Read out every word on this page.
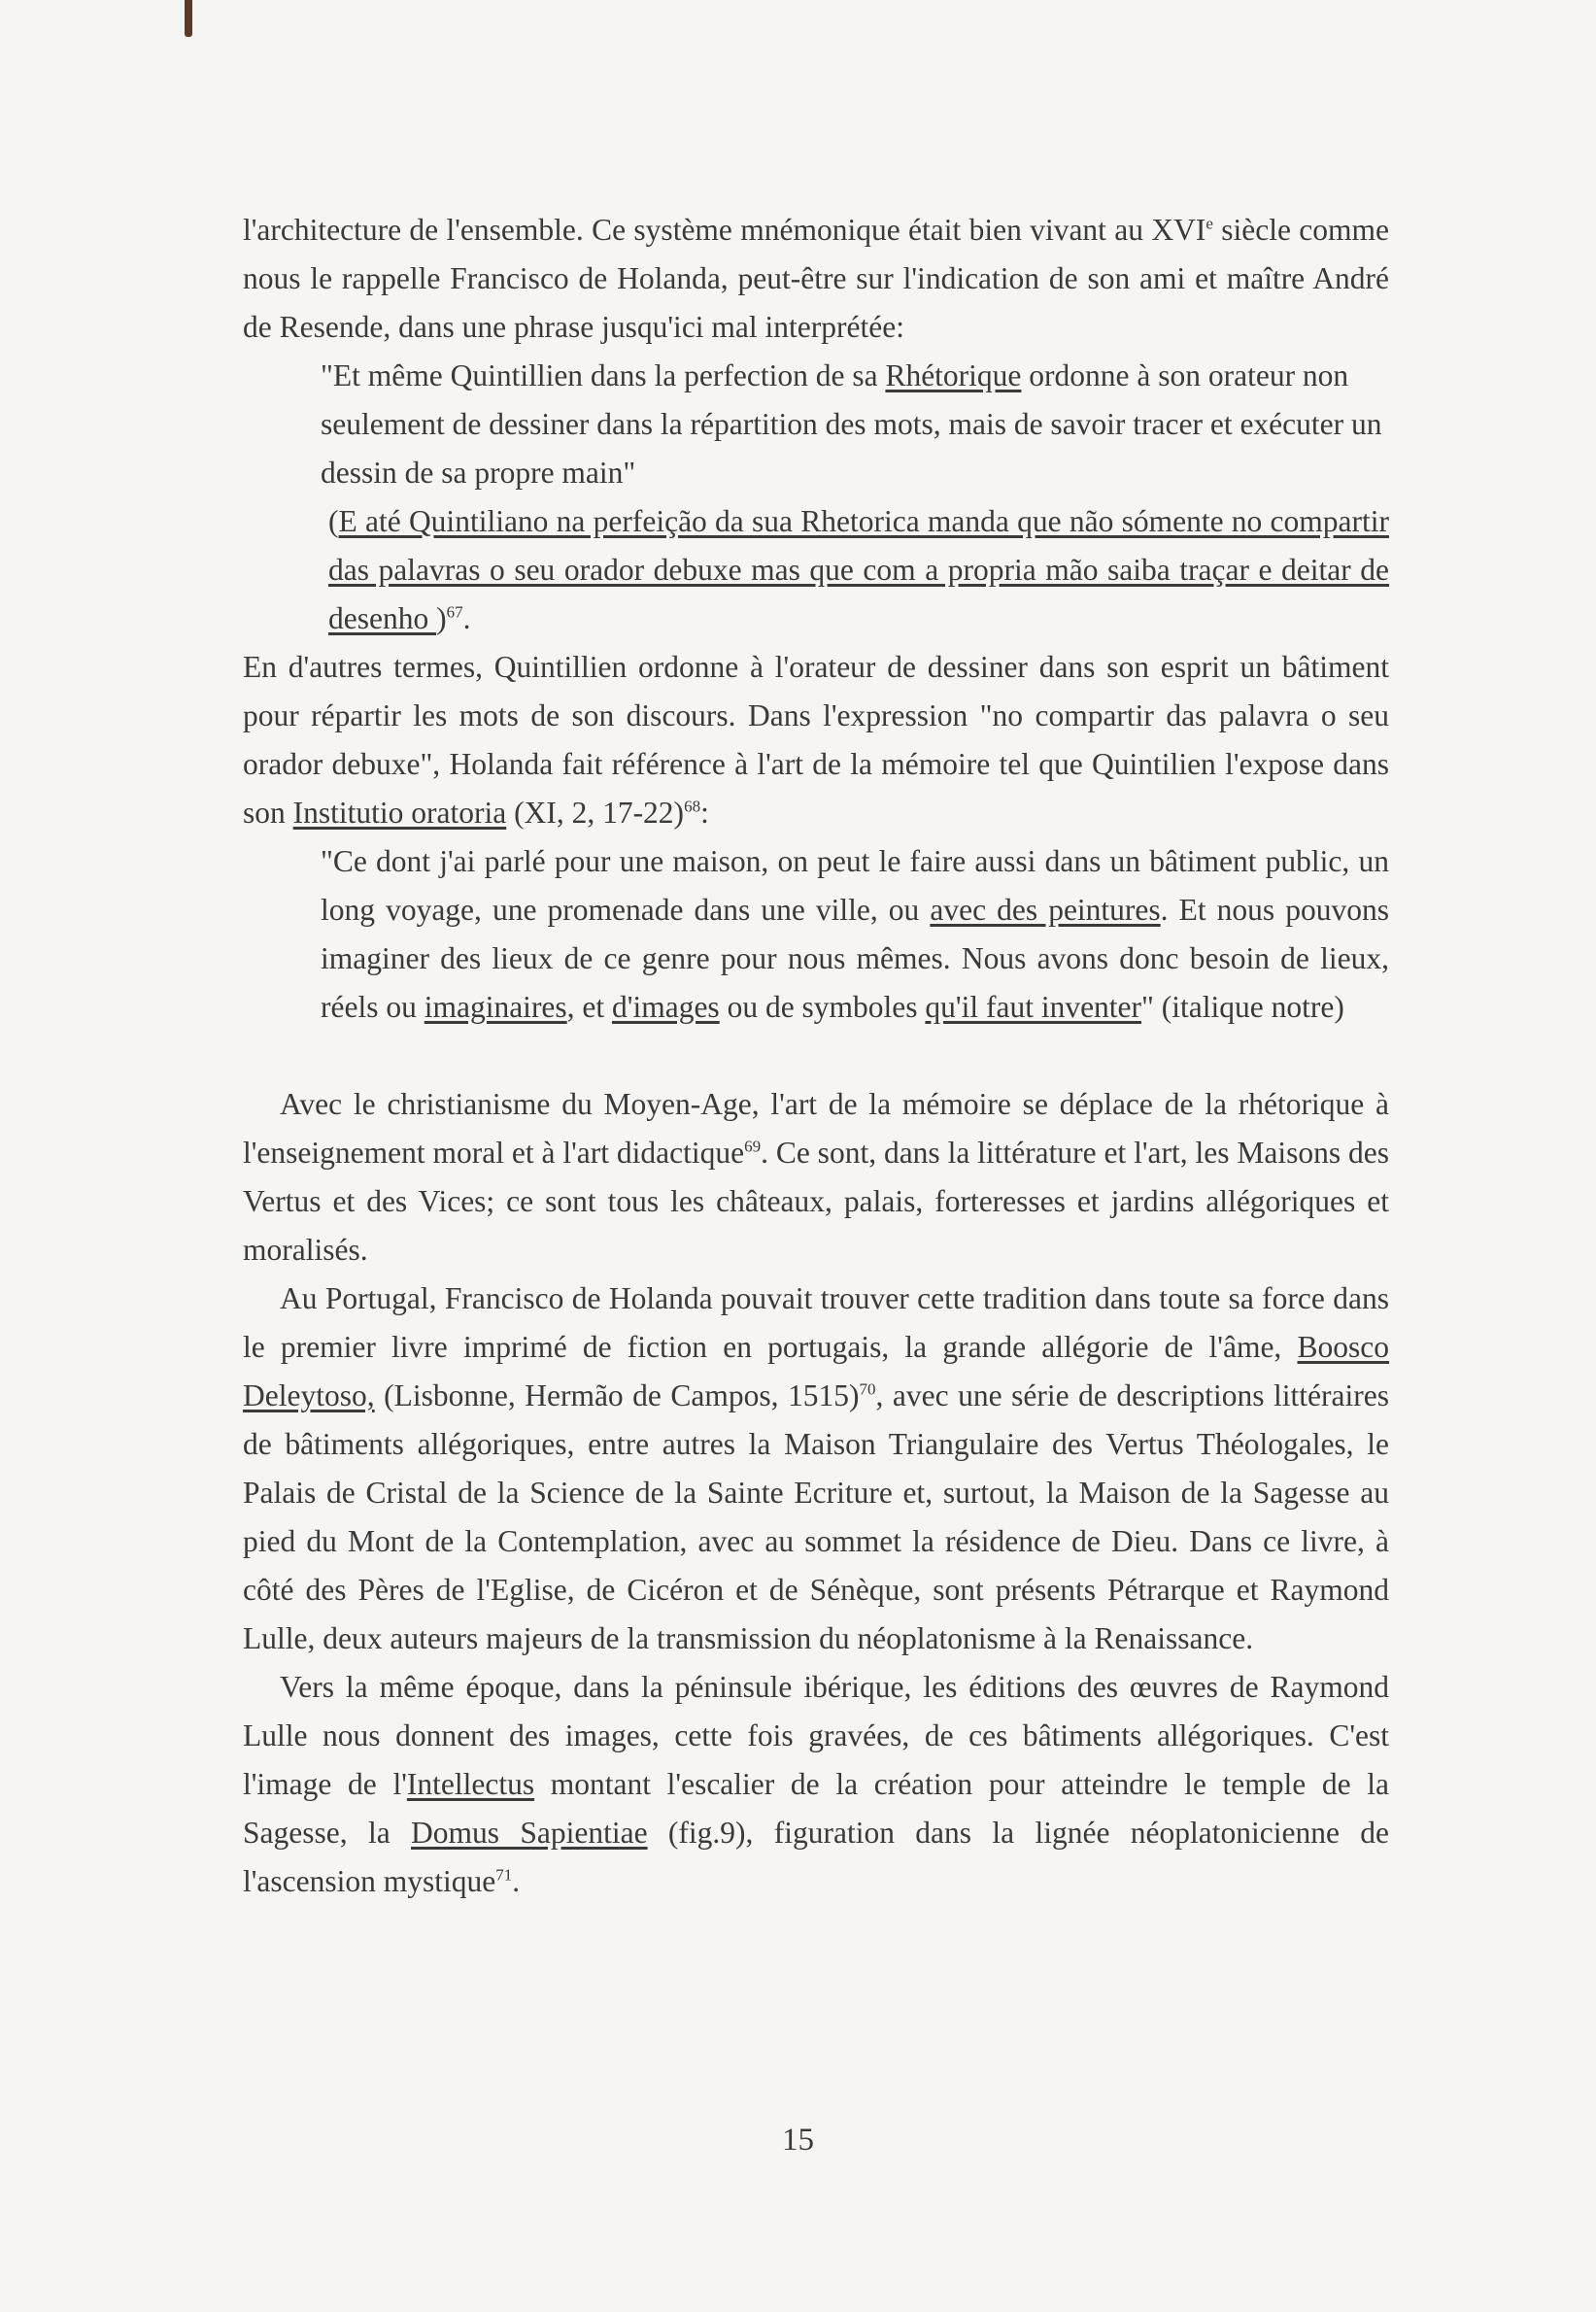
l'architecture de l'ensemble. Ce système mnémonique était bien vivant au XVIe siècle comme nous le rappelle Francisco de Holanda, peut-être sur l'indication de son ami et maître André de Resende, dans une phrase jusqu'ici mal interprétée:

"Et même Quintillien dans la perfection de sa Rhétorique ordonne à son orateur non seulement de dessiner dans la répartition des mots, mais de savoir tracer et exécuter un dessin de sa propre main"

(E até Quintiliano na perfeição da sua Rhetorica manda que não sómente no compartir das palavras o seu orador debuxe mas que com a propria mão saiba traçar e deitar de desenho )$^{67}$.

En d'autres termes, Quintillien ordonne à l'orateur de dessiner dans son esprit un bâtiment pour répartir les mots de son discours. Dans l'expression "no compartir das palavra o seu orador debuxe", Holanda fait référence à l'art de la mémoire tel que Quintilien l'expose dans son Institutio oratoria (XI, 2, 17-22)$^{68}$:

"Ce dont j'ai parlé pour une maison, on peut le faire aussi dans un bâtiment public, un long voyage, une promenade dans une ville, ou avec des peintures. Et nous pouvons imaginer des lieux de ce genre pour nous mêmes. Nous avons donc besoin de lieux, réels ou imaginaires, et d'images ou de symboles qu'il faut inventer" (italique notre)

Avec le christianisme du Moyen-Age, l'art de la mémoire se déplace de la rhétorique à l'enseignement moral et à l'art didactique$^{69}$. Ce sont, dans la littérature et l'art, les Maisons des Vertus et des Vices; ce sont tous les châteaux, palais, forteresses et jardins allégoriques et moralisés.

Au Portugal, Francisco de Holanda pouvait trouver cette tradition dans toute sa force dans le premier livre imprimé de fiction en portugais, la grande allégorie de l'âme, Boosco Deleytoso, (Lisbonne, Hermão de Campos, 1515)$^{70}$, avec une série de descriptions littéraires de bâtiments allégoriques, entre autres la Maison Triangulaire des Vertus Théologales, le Palais de Cristal de la Science de la Sainte Ecriture et, surtout, la Maison de la Sagesse au pied du Mont de la Contemplation, avec au sommet la résidence de Dieu. Dans ce livre, à côté des Pères de l'Eglise, de Cicéron et de Sénèque, sont présents Pétrarque et Raymond Lulle, deux auteurs majeurs de la transmission du néoplatonisme à la Renaissance.

Vers la même époque, dans la péninsule ibérique, les éditions des œuvres de Raymond Lulle nous donnent des images, cette fois gravées, de ces bâtiments allégoriques. C'est l'image de l'Intellectus montant l'escalier de la création pour atteindre le temple de la Sagesse, la Domus Sapientiae (fig.9), figuration dans la lignée néoplatonicienne de l'ascension mystique$^{71}$.

15
